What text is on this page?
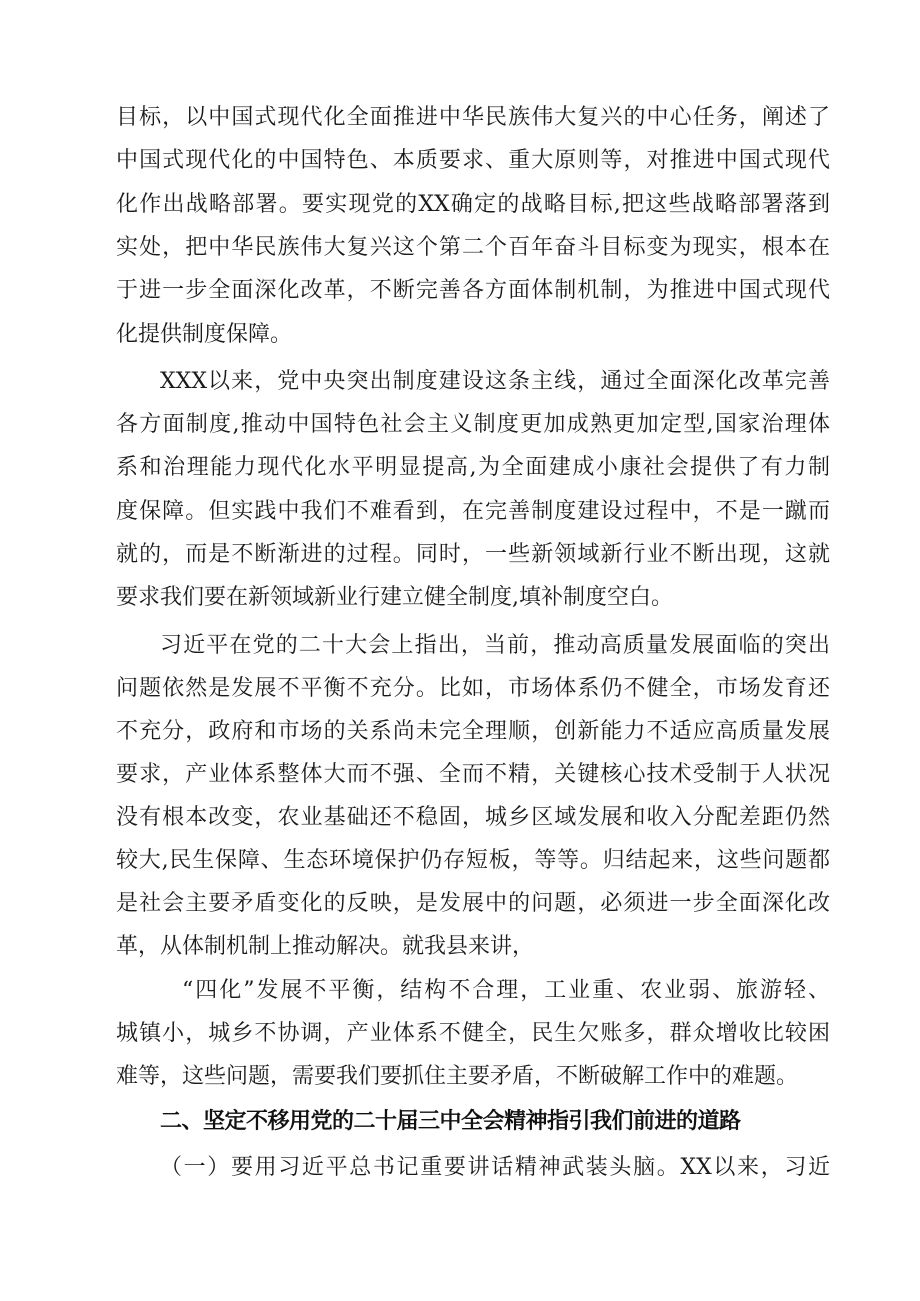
目标，以中国式现代化全面推进中华民族伟大复兴的中心任务，阐述了

中国式现代化的中国特色、本质要求、重大原则等，对推进中国式现代

化作出战略部署。要实现党的XX确定的战略目标,把这些战略部署落到

实处，把中华民族伟大复兴这个第二个百年奋斗目标变为现实，根本在

于进一步全面深化改革，不断完善各方面体制机制，为推进中国式现代

化提供制度保障。

XXX以来，党中央突出制度建设这条主线，通过全面深化改革完善

各方面制度,推动中国特色社会主义制度更加成熟更加定型,国家治理体

系和治理能力现代化水平明显提高,为全面建成小康社会提供了有力制

度保障。但实践中我们不难看到，在完善制度建设过程中，不是一蹴而

就的，而是不断渐进的过程。同时，一些新领域新行业不断出现，这就

要求我们要在新领域新业行建立健全制度,填补制度空白。

习近平在党的二十大会上指出，当前，推动高质量发展面临的突出

问题依然是发展不平衡不充分。比如，市场体系仍不健全，市场发育还

不充分，政府和市场的关系尚未完全理顺，创新能力不适应高质量发展

要求，产业体系整体大而不强、全而不精，关键核心技术受制于人状况

没有根本改变，农业基础还不稳固，城乡区域发展和收入分配差距仍然

较大,民生保障、生态环境保护仍存短板，等等。归结起来，这些问题都

是社会主要矛盾变化的反映，是发展中的问题，必须进一步全面深化改

革，从体制机制上推动解决。就我县来讲，

“四化”发展不平衡，结构不合理，工业重、农业弱、旅游轻、

城镇小，城乡不协调，产业体系不健全，民生欠账多，群众增收比较困

难等，这些问题，需要我们要抓住主要矛盾，不断破解工作中的难题。

二、坚定不移用党的二十届三中全会精神指引我们前进的道路

（一）要用习近平总书记重要讲话精神武装头脑。XX以来，习近
